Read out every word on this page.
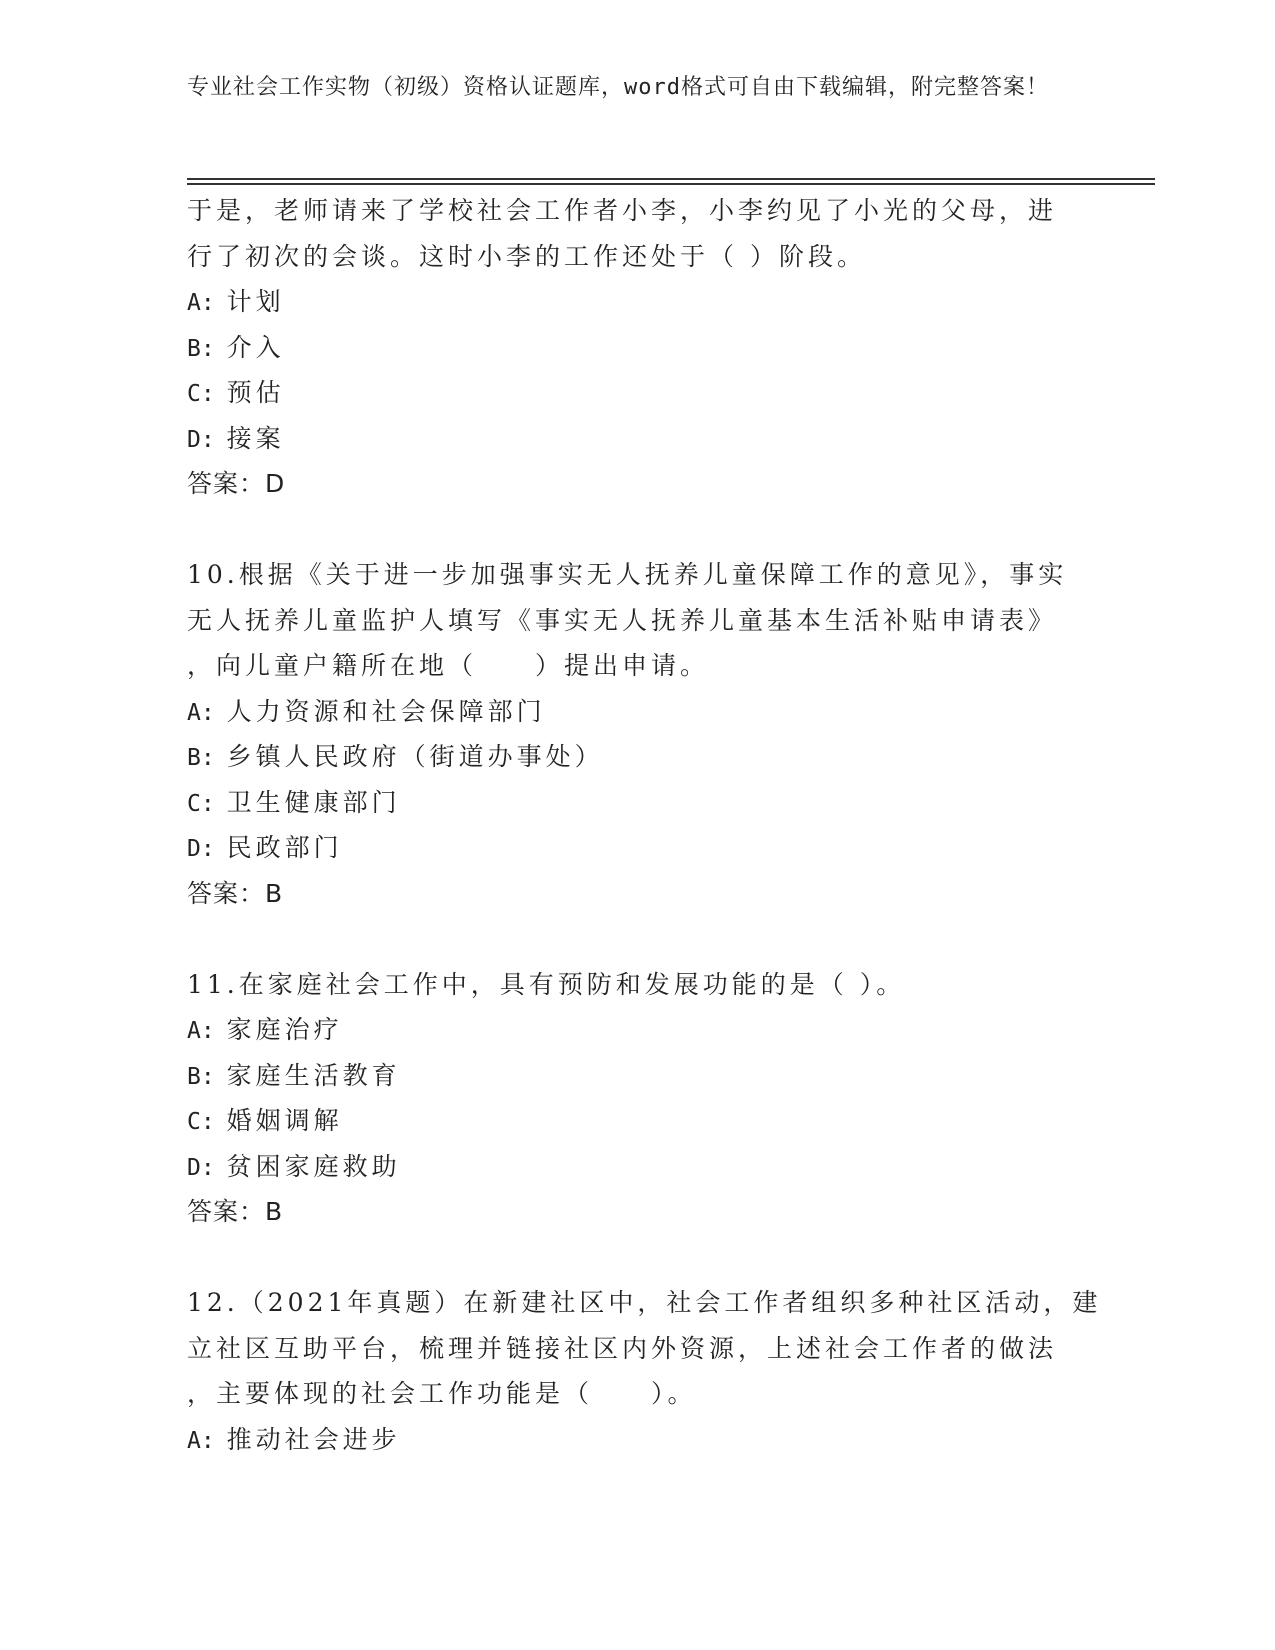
专业社会工作实物（初级）资格认证题库，word格式可自由下载编辑，附完整答案！
于是，老师请来了学校社会工作者小李，小李约见了小光的父母，进
行了初次的会谈。这时小李的工作还处于（ ）阶段。
A: 计划
B: 介入
C: 预估
D: 接案
答案：D
10.根据《关于进一步加强事实无人抚养儿童保障工作的意见》，事实
无人抚养儿童监护人填写《事实无人抚养儿童基本生活补贴申请表》
，向儿童户籍所在地（　　）提出申请。
A: 人力资源和社会保障部门
B: 乡镇人民政府（街道办事处）
C: 卫生健康部门
D: 民政部门
答案：B
11.在家庭社会工作中，具有预防和发展功能的是（ ）。
A: 家庭治疗
B: 家庭生活教育
C: 婚姻调解
D: 贫困家庭救助
答案：B
12.（2021年真题）在新建社区中，社会工作者组织多种社区活动，建
立社区互助平台，梳理并链接社区内外资源，上述社会工作者的做法
，主要体现的社会工作功能是（　　）。
A: 推动社会进步
